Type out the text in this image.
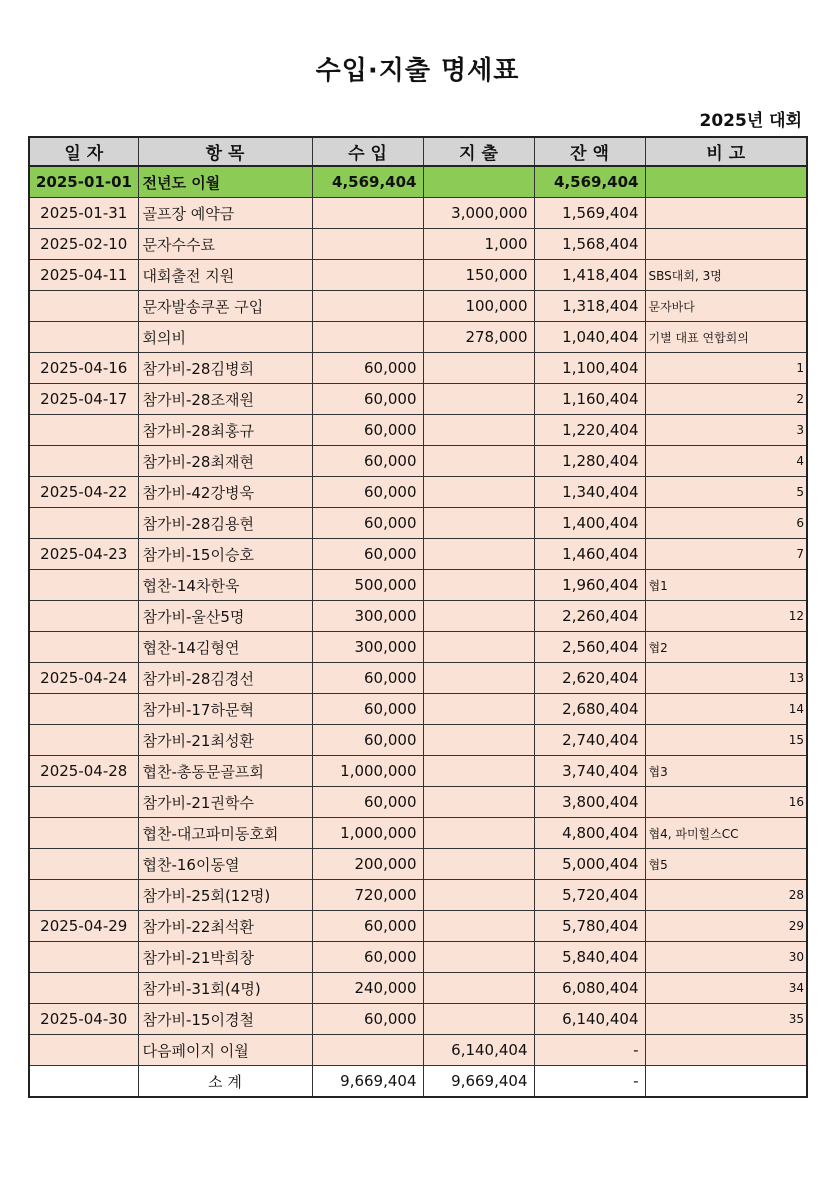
수입·지출 명세표
2025년 대회
일 자	항 목	수 입	지 출	잔 액	비 고
2025-01-01	전년도 이월	4,569,404		4,569,404	
2025-01-31	골프장 예약금		3,000,000	1,569,404	
2025-02-10	문자수수료		1,000	1,568,404	
2025-04-11	대회출전 지원		150,000	1,418,404	SBS대회, 3명
	문자발송쿠폰 구입		100,000	1,318,404	문자바다
	회의비		278,000	1,040,404	기별 대표 연합회의
2025-04-16	참가비-28김병희	60,000		1,100,404	1
2025-04-17	참가비-28조재원	60,000		1,160,404	2
	참가비-28최홍규	60,000		1,220,404	3
	참가비-28최재현	60,000		1,280,404	4
2025-04-22	참가비-42강병욱	60,000		1,340,404	5
	참가비-28김용현	60,000		1,400,404	6
2025-04-23	참가비-15이승호	60,000		1,460,404	7
	협찬-14차한욱	500,000		1,960,404	협1
	참가비-울산5명	300,000		2,260,404	12
	협찬-14김형연	300,000		2,560,404	협2
2025-04-24	참가비-28김경선	60,000		2,620,404	13
	참가비-17하문혁	60,000		2,680,404	14
	참가비-21최성환	60,000		2,740,404	15
2025-04-28	협찬-총동문골프회	1,000,000		3,740,404	협3
	참가비-21권학수	60,000		3,800,404	16
	협찬-대고파미동호회	1,000,000		4,800,404	협4, 파미힐스CC
	협찬-16이동열	200,000		5,000,404	협5
	참가비-25회(12명)	720,000		5,720,404	28
2025-04-29	참가비-22최석환	60,000		5,780,404	29
	참가비-21박희창	60,000		5,840,404	30
	참가비-31회(4명)	240,000		6,080,404	34
2025-04-30	참가비-15이경철	60,000		6,140,404	35
	다음페이지 이월		6,140,404	-	
	소 계	9,669,404	9,669,404	-	
